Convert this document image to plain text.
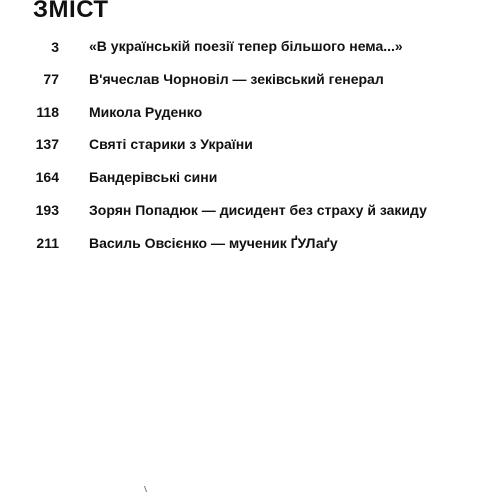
ЗМІСТ
3 «В українській поезії тепер більшого нема...»
77 В'ячеслав Чорновіл — зеківський генерал
118 Микола Руденко
137 Святі старики з України
164 Бандерівські сини
193 Зорян Попадюк — дисидент без страху й закиду
211 Василь Овсієнко — мученик ҐУЛаґу
